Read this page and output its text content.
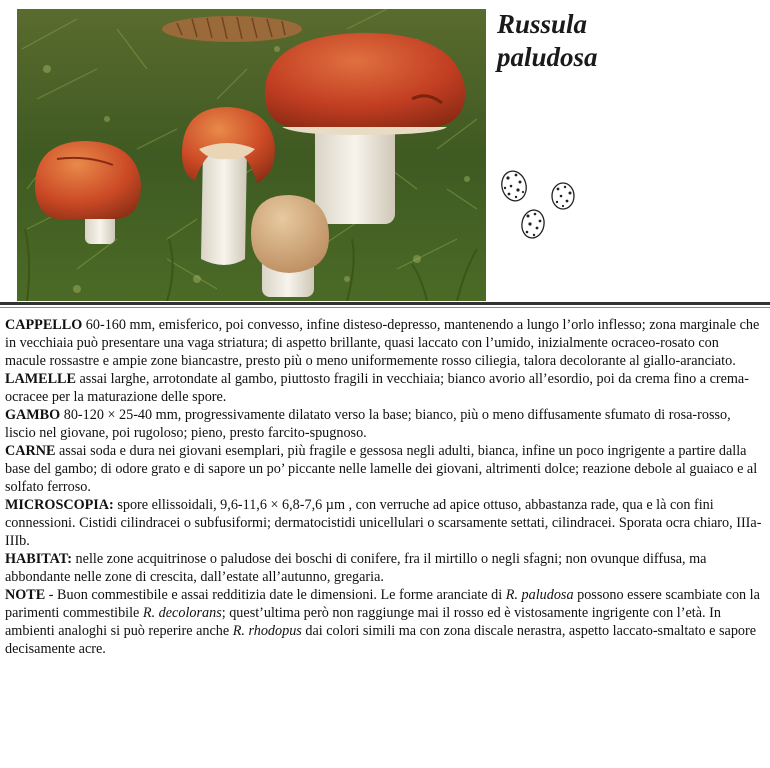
Russula
paludosa

CAPPELLO 60-160 mm, emisferico, poi convesso, infine disteso-depresso, mantenendo a lungo l’orlo inflesso; zona marginale che in vecchiaia può presentare una vaga striatura; di aspetto brillante, quasi laccato con l’umido, inizialmente ocraceo-rosato con macule rossastre e ampie zone biancastre, presto più o meno uniformemente rosso ciliegia, talora decolorante al giallo-aranciato.

LAMELLE assai larghe, arrotondate al gambo, piuttosto fragili in vecchiaia; bianco avorio all’esordio, poi da crema fino a crema-ocracee per la maturazione delle spore.

GAMBO 80-120 × 25-40 mm, progressivamente dilatato verso la base; bianco, più o meno diffusamente sfumato di rosa-rosso, liscio nel giovane, poi rugoloso; pieno, presto farcito-spugnoso.

CARNE assai soda e dura nei giovani esemplari, più fragile e gessosa negli adulti, bianca, infine un poco ingrigente a partire dalla base del gambo; di odore grato e di sapore un po’ piccante nelle lamelle dei giovani, altrimenti dolce; reazione debole al guaiaco e al solfato ferroso.

MICROSCOPIA: spore ellissoidali, 9,6-11,6 × 6,8-7,6 µm , con verruche ad apice ottuso, abbastanza rade, qua e là con fini connessioni. Cistidi cilindracei o subfusiformi; dermatocistidi unicellulari o scarsamente settati, cilindracei. Sporata ocra chiaro, IIIa-IIIb.

HABITAT: nelle zone acquitrinose o paludose dei boschi di conifere, fra il mirtillo o negli sfagni; non ovunque diffusa, ma abbondante nelle zone di crescita, dall’estate all’autunno, gregaria.

NOTE - Buon commestibile e assai redditizia date le dimensioni. Le forme aranciate di R. paludosa possono essere scambiate con la parimenti commestibile R. decolorans; quest’ultima però non raggiunge mai il rosso ed è vistosamente ingrigente con l’età. In ambienti analoghi si può reperire anche R. rhodopus dai colori simili ma con zona discale nerastra, aspetto laccato-smaltato e sapore decisamente acre.
